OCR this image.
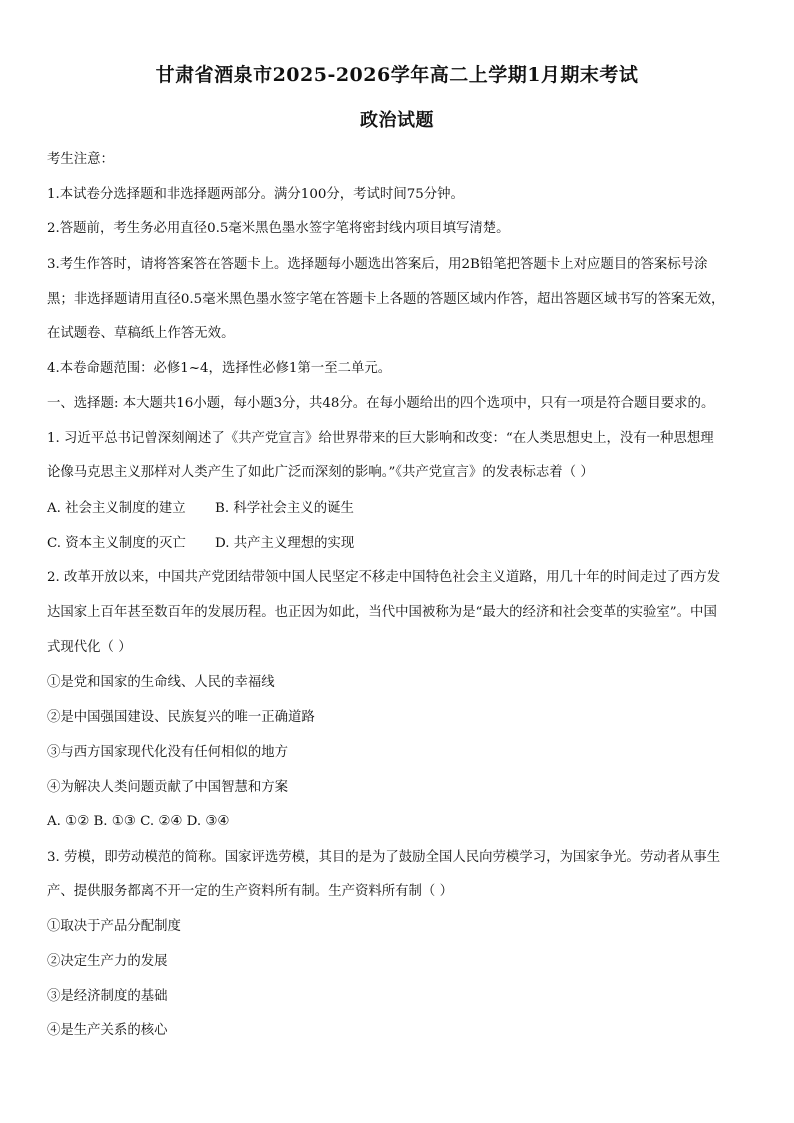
甘肃省酒泉市2025-2026学年高二上学期1月期末考试
政治试题
考生注意：
1.本试卷分选择题和非选择题两部分。满分100分，考试时间75分钟。
2.答题前，考生务必用直径0.5毫米黑色墨水签字笔将密封线内项目填写清楚。
3.考生作答时，请将答案答在答题卡上。选择题每小题选出答案后，用2B铅笔把答题卡上对应题目的答案标号涂
黑；非选择题请用直径0.5毫米黑色墨水签字笔在答题卡上各题的答题区域内作答，超出答题区域书写的答案无效，
在试题卷、草稿纸上作答无效。
4.本卷命题范围：必修1~4，选择性必修1第一至二单元。
一、选择题: 本大题共16小题，每小题3分，共48分。在每小题给出的四个选项中，只有一项是符合题目要求的。
1. 习近平总书记曾深刻阐述了《共产党宣言》给世界带来的巨大影响和改变：“在人类思想史上，没有一种思想理
论像马克思主义那样对人类产生了如此广泛而深刻的影响。”《共产党宣言》的发表标志着（ ）
A. 社会主义制度的建立 B. 科学社会主义的诞生
C. 资本主义制度的灭亡 D. 共产主义理想的实现
2. 改革开放以来，中国共产党团结带领中国人民坚定不移走中国特色社会主义道路，用几十年的时间走过了西方发
达国家上百年甚至数百年的发展历程。也正因为如此，当代中国被称为是“最大的经济和社会变革的实验室”。中国
式现代化（ ）
①是党和国家的生命线、人民的幸福线
②是中国强国建设、民族复兴的唯一正确道路
③与西方国家现代化没有任何相似的地方
④为解决人类问题贡献了中国智慧和方案
A. ①② B. ①③ C. ②④ D. ③④
3. 劳模，即劳动模范的简称。国家评选劳模，其目的是为了鼓励全国人民向劳模学习，为国家争光。劳动者从事生
产、提供服务都离不开一定的生产资料所有制。生产资料所有制（ ）
①取决于产品分配制度
②决定生产力的发展
③是经济制度的基础
④是生产关系的核心
